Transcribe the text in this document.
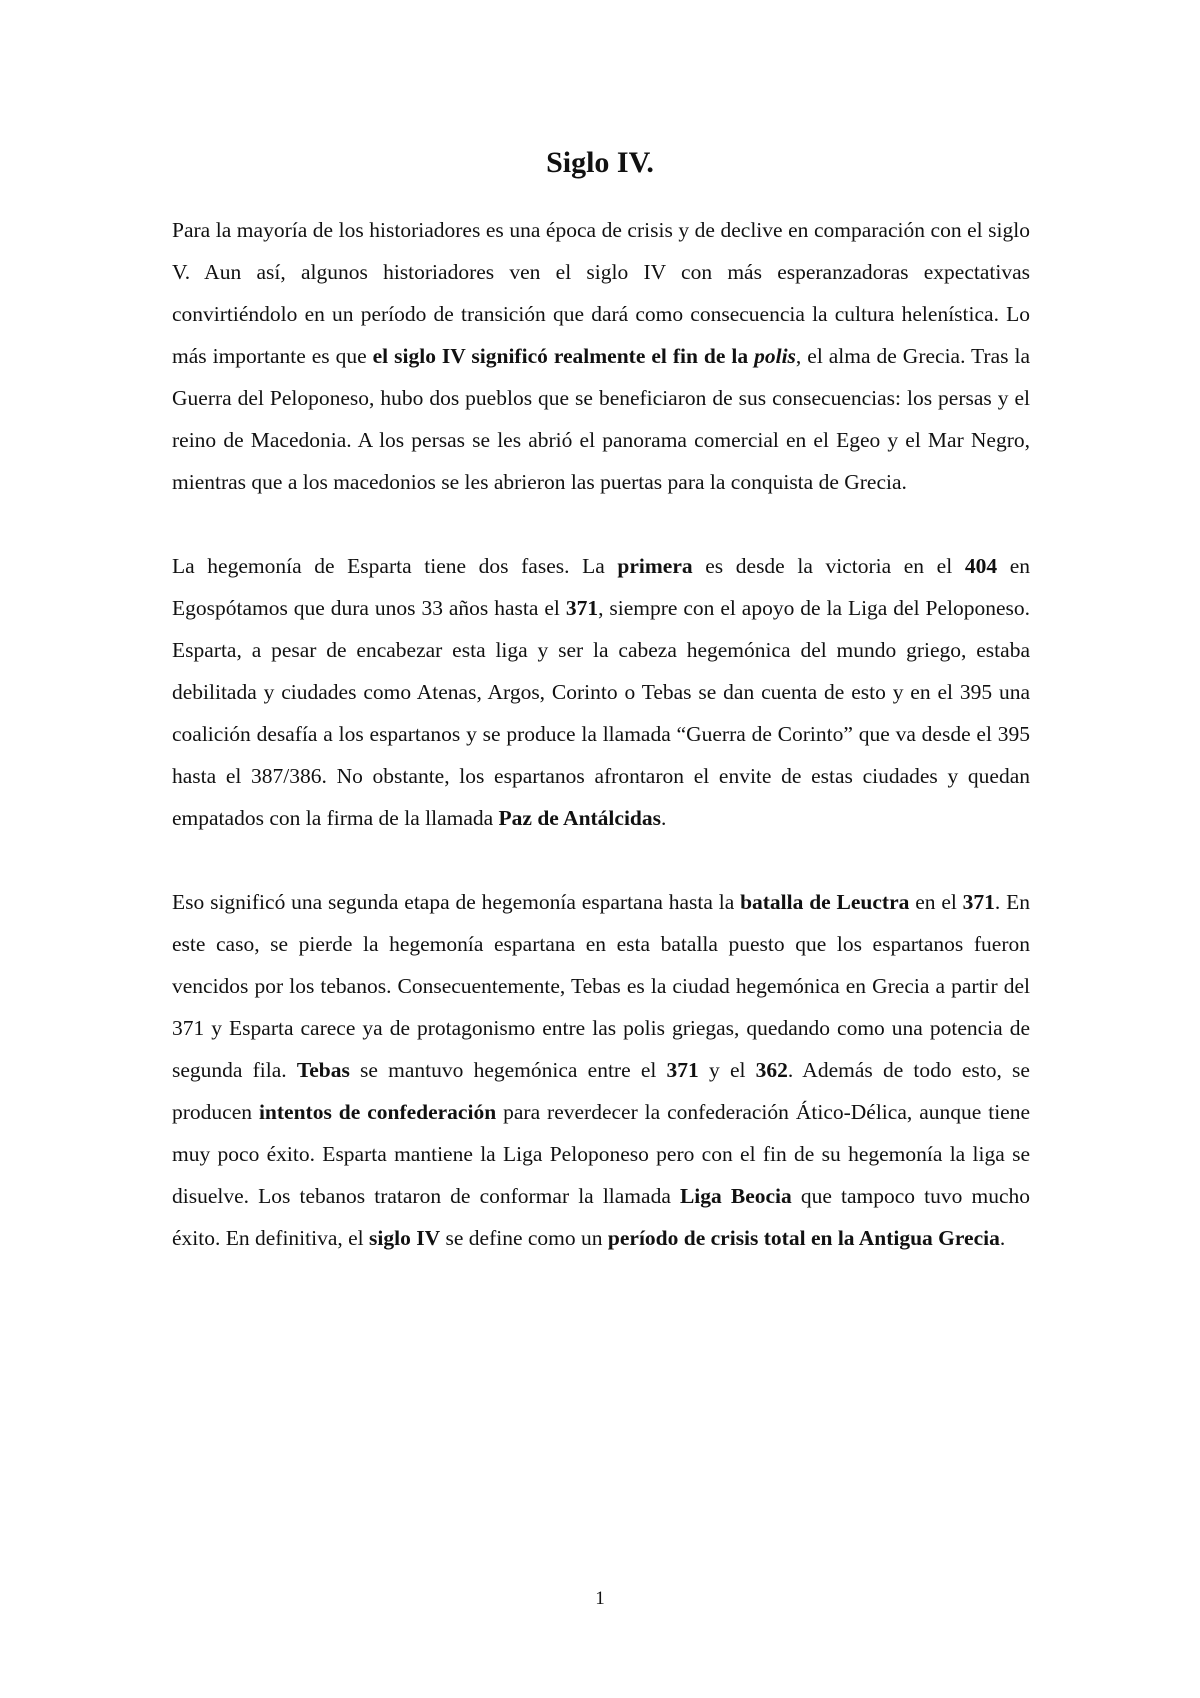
Siglo IV.

Para la mayoría de los historiadores es una época de crisis y de declive en comparación con el siglo V. Aun así, algunos historiadores ven el siglo IV con más esperanzadoras expectativas convirtiéndolo en un período de transición que dará como consecuencia la cultura helenística. Lo más importante es que el siglo IV significó realmente el fin de la polis, el alma de Grecia. Tras la Guerra del Peloponeso, hubo dos pueblos que se beneficiaron de sus consecuencias: los persas y el reino de Macedonia. A los persas se les abrió el panorama comercial en el Egeo y el Mar Negro, mientras que a los macedonios se les abrieron las puertas para la conquista de Grecia.

La hegemonía de Esparta tiene dos fases. La primera es desde la victoria en el 404 en Egospótamos que dura unos 33 años hasta el 371, siempre con el apoyo de la Liga del Peloponeso. Esparta, a pesar de encabezar esta liga y ser la cabeza hegemónica del mundo griego, estaba debilitada y ciudades como Atenas, Argos, Corinto o Tebas se dan cuenta de esto y en el 395 una coalición desafía a los espartanos y se produce la llamada “Guerra de Corinto” que va desde el 395 hasta el 387/386. No obstante, los espartanos afrontaron el envite de estas ciudades y quedan empatados con la firma de la llamada Paz de Antálcidas.

Eso significó una segunda etapa de hegemonía espartana hasta la batalla de Leuctra en el 371. En este caso, se pierde la hegemonía espartana en esta batalla puesto que los espartanos fueron vencidos por los tebanos. Consecuentemente, Tebas es la ciudad hegemónica en Grecia a partir del 371 y Esparta carece ya de protagonismo entre las polis griegas, quedando como una potencia de segunda fila. Tebas se mantuvo hegemónica entre el 371 y el 362. Además de todo esto, se producen intentos de confederación para reverdecer la confederación Ático-Délica, aunque tiene muy poco éxito. Esparta mantiene la Liga Peloponeso pero con el fin de su hegemonía la liga se disuelve. Los tebanos trataron de conformar la llamada Liga Beocia que tampoco tuvo mucho éxito. En definitiva, el siglo IV se define como un período de crisis total en la Antigua Grecia.

1
